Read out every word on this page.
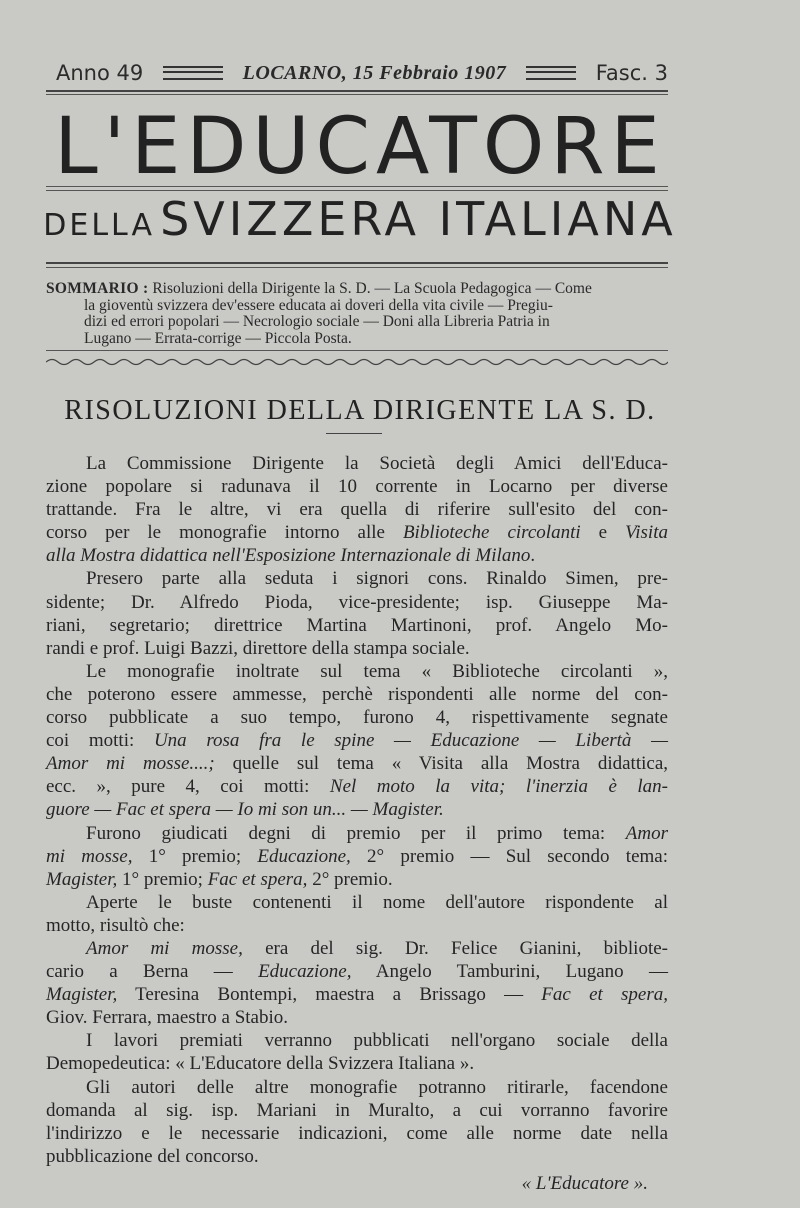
Anno 49	LOCARNO, 15 Febbraio 1907	Fasc. 3
L'EDUCATORE
DELLA SVIZZERA ITALIANA
SOMMARIO : Risoluzioni della Dirigente la S. D. — La Scuola Pedagogica — Come
la gioventù svizzera dev'essere educata ai doveri della vita civile — Pregiu-
dizi ed errori popolari — Necrologio sociale — Doni alla Libreria Patria in
Lugano — Errata-corrige — Piccola Posta.
RISOLUZIONI DELLA DIRIGENTE LA S. D.
La Commissione Dirigente la Società degli Amici dell'Educa-
zione popolare si radunava il 10 corrente in Locarno per diverse
trattande. Fra le altre, vi era quella di riferire sull'esito del con-
corso per le monografie intorno alle Biblioteche circolanti e Visita
alla Mostra didattica nell'Esposizione Internazionale di Milano.
Presero parte alla seduta i signori cons. Rinaldo Simen, pre-
sidente; Dr. Alfredo Pioda, vice-presidente; isp. Giuseppe Ma-
riani, segretario; direttrice Martina Martinoni, prof. Angelo Mo-
randi e prof. Luigi Bazzi, direttore della stampa sociale.
Le monografie inoltrate sul tema « Biblioteche circolanti »,
che poterono essere ammesse, perchè rispondenti alle norme del con-
corso pubblicate a suo tempo, furono 4, rispettivamente segnate
coi motti: Una rosa fra le spine — Educazione — Libertà —
Amor mi mosse....; quelle sul tema « Visita alla Mostra didattica,
ecc. », pure 4, coi motti: Nel moto la vita; l'inerzia è lan-
guore — Fac et spera — Io mi son un... — Magister.
Furono giudicati degni di premio per il primo tema: Amor
mi mosse, 1° premio; Educazione, 2° premio — Sul secondo tema:
Magister, 1° premio; Fac et spera, 2° premio.
Aperte le buste contenenti il nome dell'autore rispondente al
motto, risultò che:
Amor mi mosse, era del sig. Dr. Felice Gianini, bibliote-
cario a Berna — Educazione, Angelo Tamburini, Lugano —
Magister, Teresina Bontempi, maestra a Brissago — Fac et spera,
Giov. Ferrara, maestro a Stabio.
I lavori premiati verranno pubblicati nell'organo sociale della
Demopedeutica: « L'Educatore della Svizzera Italiana ».
Gli autori delle altre monografie potranno ritirarle, facendone
domanda al sig. isp. Mariani in Muralto, a cui vorranno favorire
l'indirizzo e le necessarie indicazioni, come alle norme date nella
pubblicazione del concorso.
« L'Educatore ».
